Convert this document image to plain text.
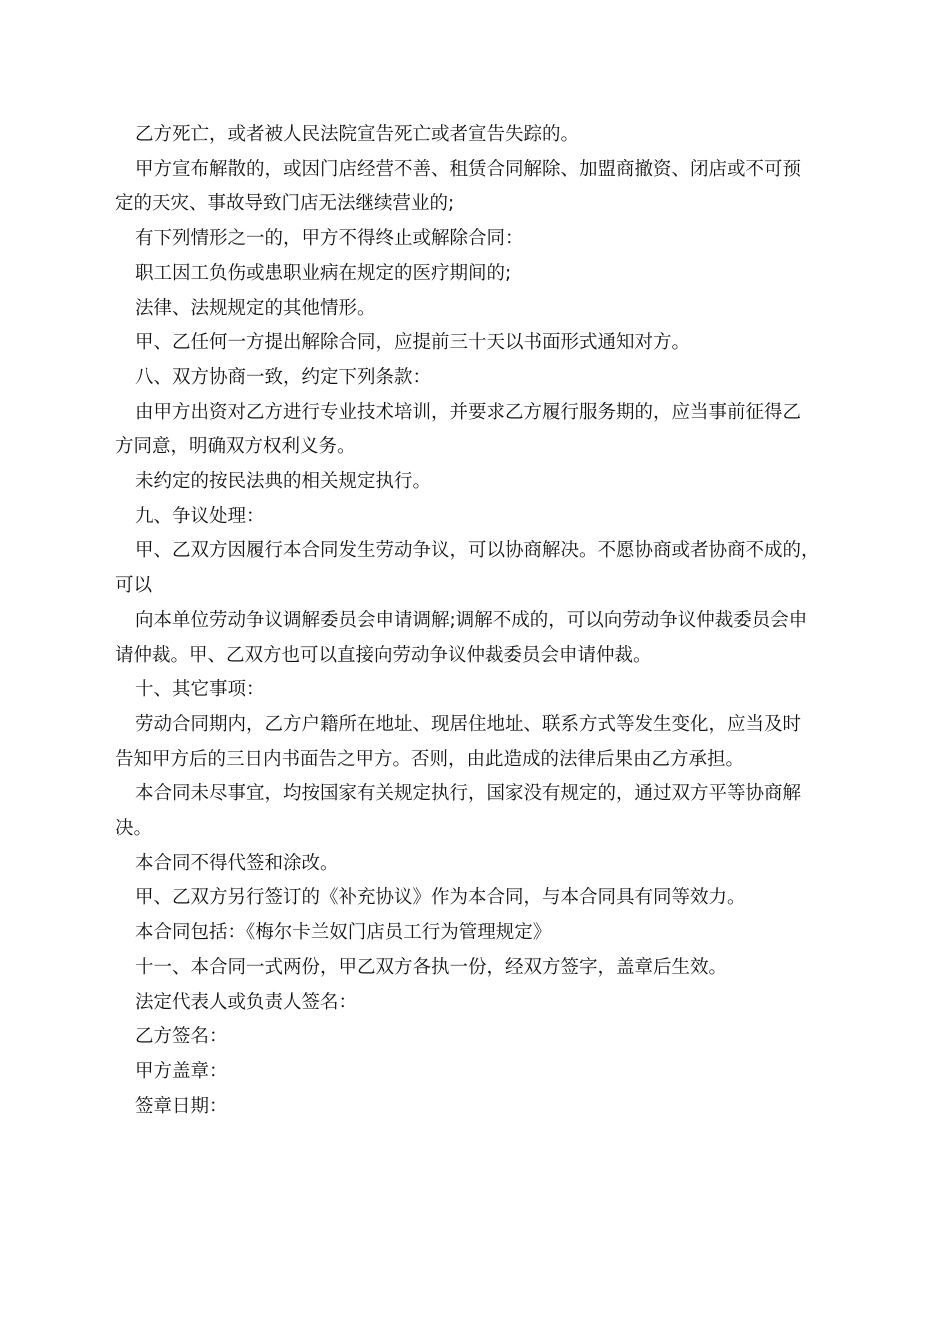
乙方死亡，或者被人民法院宣告死亡或者宣告失踪的。

甲方宣布解散的，或因门店经营不善、租赁合同解除、加盟商撤资、闭店或不可预
定的天灾、事故导致门店无法继续营业的;

有下列情形之一的，甲方不得终止或解除合同：

职工因工负伤或患职业病在规定的医疗期间的;

法律、法规规定的其他情形。

甲、乙任何一方提出解除合同，应提前三十天以书面形式通知对方。

八、双方协商一致，约定下列条款：

由甲方出资对乙方进行专业技术培训，并要求乙方履行服务期的，应当事前征得乙
方同意，明确双方权利义务。

未约定的按民法典的相关规定执行。

九、争议处理：

甲、乙双方因履行本合同发生劳动争议，可以协商解决。不愿协商或者协商不成的，
可以

向本单位劳动争议调解委员会申请调解;调解不成的，可以向劳动争议仲裁委员会申
请仲裁。甲、乙双方也可以直接向劳动争议仲裁委员会申请仲裁。

十、其它事项：

劳动合同期内，乙方户籍所在地址、现居住地址、联系方式等发生变化，应当及时
告知甲方后的三日内书面告之甲方。否则，由此造成的法律后果由乙方承担。

本合同未尽事宜，均按国家有关规定执行，国家没有规定的，通过双方平等协商解
决。

本合同不得代签和涂改。

甲、乙双方另行签订的《补充协议》作为本合同，与本合同具有同等效力。

本合同包括：《梅尔卡兰奴门店员工行为管理规定》

十一、本合同一式两份，甲乙双方各执一份，经双方签字，盖章后生效。

法定代表人或负责人签名：

乙方签名：

甲方盖章：

签章日期：
